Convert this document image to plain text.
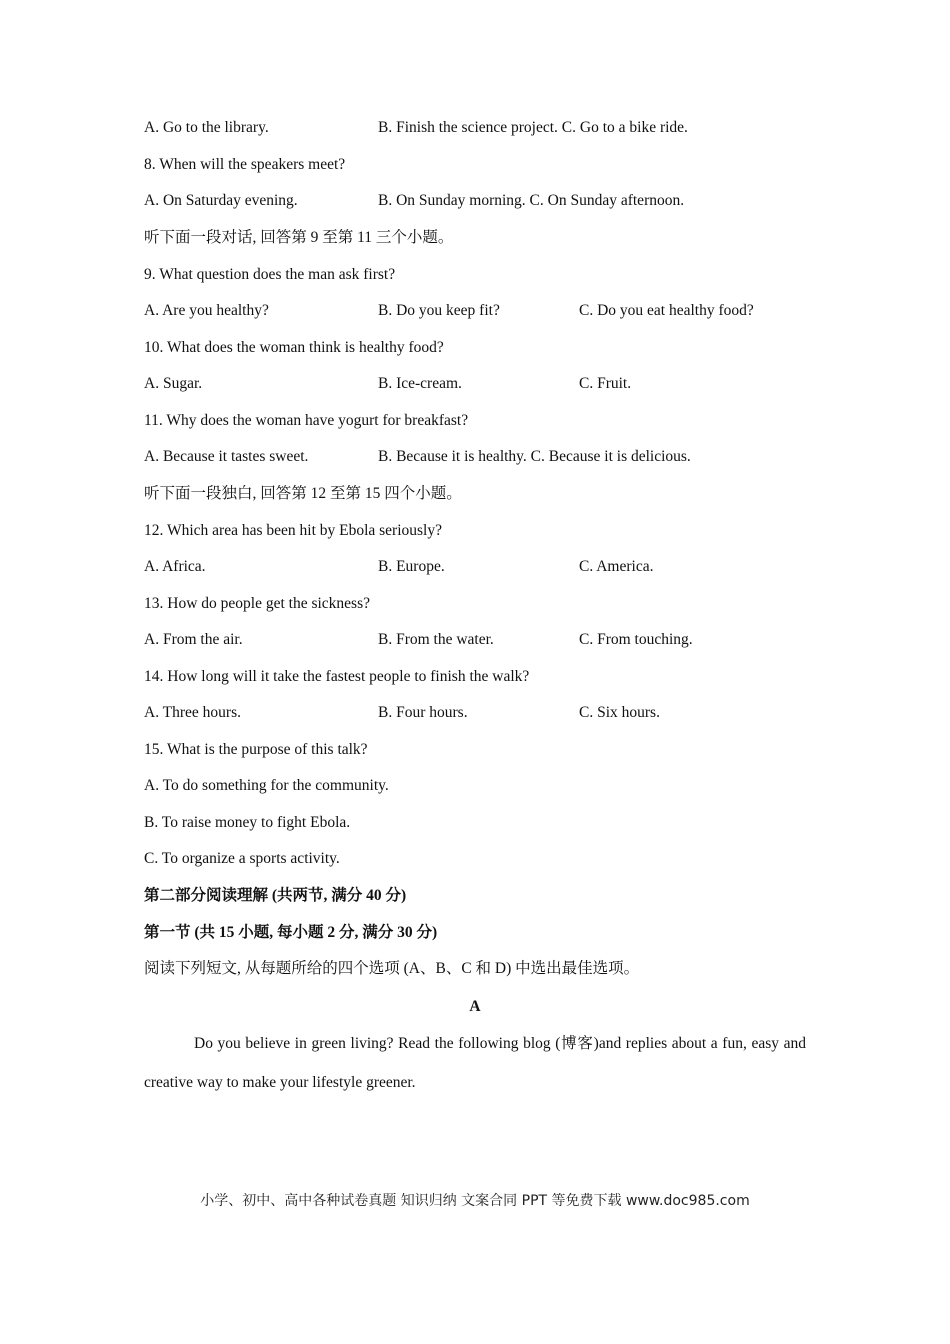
A. Go to the library.	B. Finish the science project. C. Go to a bike ride.
8. When will the speakers meet?
A. On Saturday evening.	B. On Sunday morning. C. On Sunday afternoon.
听下面一段对话, 回答第 9 至第 11 三个小题。
9. What question does the man ask first?
A. Are you healthy?	B. Do you keep fit?	C. Do you eat healthy food?
10. What does the woman think is healthy food?
A. Sugar.	B. Ice-cream.	C. Fruit.
11. Why does the woman have yogurt for breakfast?
A. Because it tastes sweet.	B. Because it is healthy. C. Because it is delicious.
听下面一段独白, 回答第 12 至第 15 四个小题。
12. Which area has been hit by Ebola seriously?
A. Africa.	B. Europe.	C. America.
13. How do people get the sickness?
A. From the air.	B. From the water.	C. From touching.
14. How long will it take the fastest people to finish the walk?
A. Three hours.	B. Four hours.	C. Six hours.
15. What is the purpose of this talk?
A. To do something for the community.
B. To raise money to fight Ebola.
C. To organize a sports activity.
第二部分阅读理解 (共两节, 满分 40 分)
第一节 (共 15 小题, 每小题 2 分, 满分 30 分)
阅读下列短文, 从每题所给的四个选项 (A、B、C 和 D) 中选出最佳选项。
A
Do you believe in green living? Read the following blog (博客)and replies about a fun, easy and creative way to make your lifestyle greener.
小学、初中、高中各种试卷真题 知识归纳 文案合同 PPT 等免费下载 www.doc985.com
